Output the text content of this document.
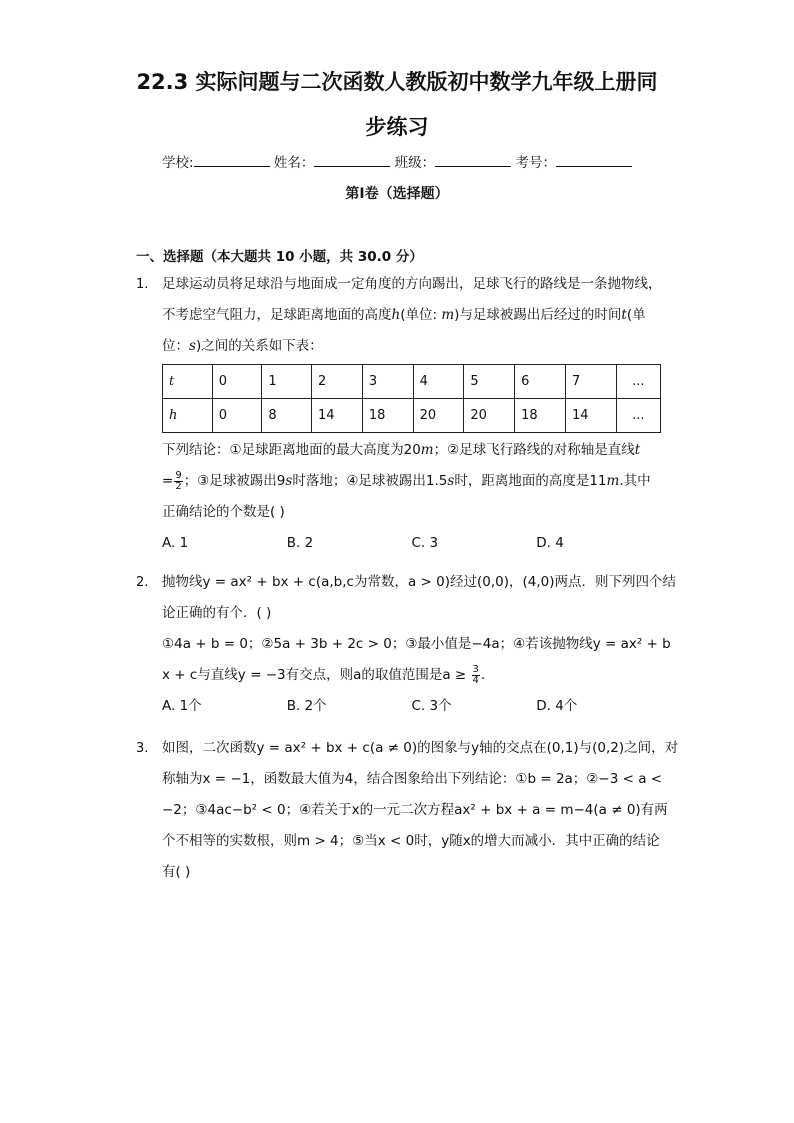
22.3 实际问题与二次函数人教版初中数学九年级上册同
步练习
学校:	姓名：	班级：	考号：
第I卷（选择题）
一、选择题（本大题共 10 小题，共 30.0 分）
1.	足球运动员将足球沿与地面成一定角度的方向踢出，足球飞行的路线是一条抛物线，

不考虑空气阻力，足球距离地面的高度h(单位: m)与足球被踢出后经过的时间t(单

位：s)之间的关系如下表：

t	0	1	2	3	4	5	6	7	...
h	0	8	14	18	20	20	18	14	...

下列结论：①足球距离地面的最大高度为20m；②足球飞行路线的对称轴是直线t

= $\frac{9}{2}$ ；③足球被踢出9s时落地；④足球被踢出1.5s时，距离地面的高度是11m.其中

正确结论的个数是( )

A. 1	B. 2	C. 3	D. 4
2.	抛物线y = ax² + bx + c(a,b,c为常数，a > 0)经过(0,0)，(4,0)两点．则下列四个结

论正确的有个．( )

①4a + b = 0；②5a + 3b + 2c > 0；③最小值是−4a；④若该抛物线y = ax² + b

x + c与直线y = −3有交点，则a的取值范围是$a \ge \frac{3}{4}$ .

A. 1个	B. 2个	C. 3个	D. 4个
3.	如图，二次函数y = ax² + bx + c(a ≠ 0)的图象与y轴的交点在(0,1)与(0,2)之间，对

称轴为x = −1，函数最大值为4，结合图象给出下列结论：①b = 2a；②−3 < a <

−2；③4ac−b² < 0；④若关于x的一元二次方程ax² + bx + a = m−4(a ≠ 0)有两

个不相等的实数根，则m > 4；⑤当x < 0时，y随x的增大而减小．其中正确的结论

有( )
